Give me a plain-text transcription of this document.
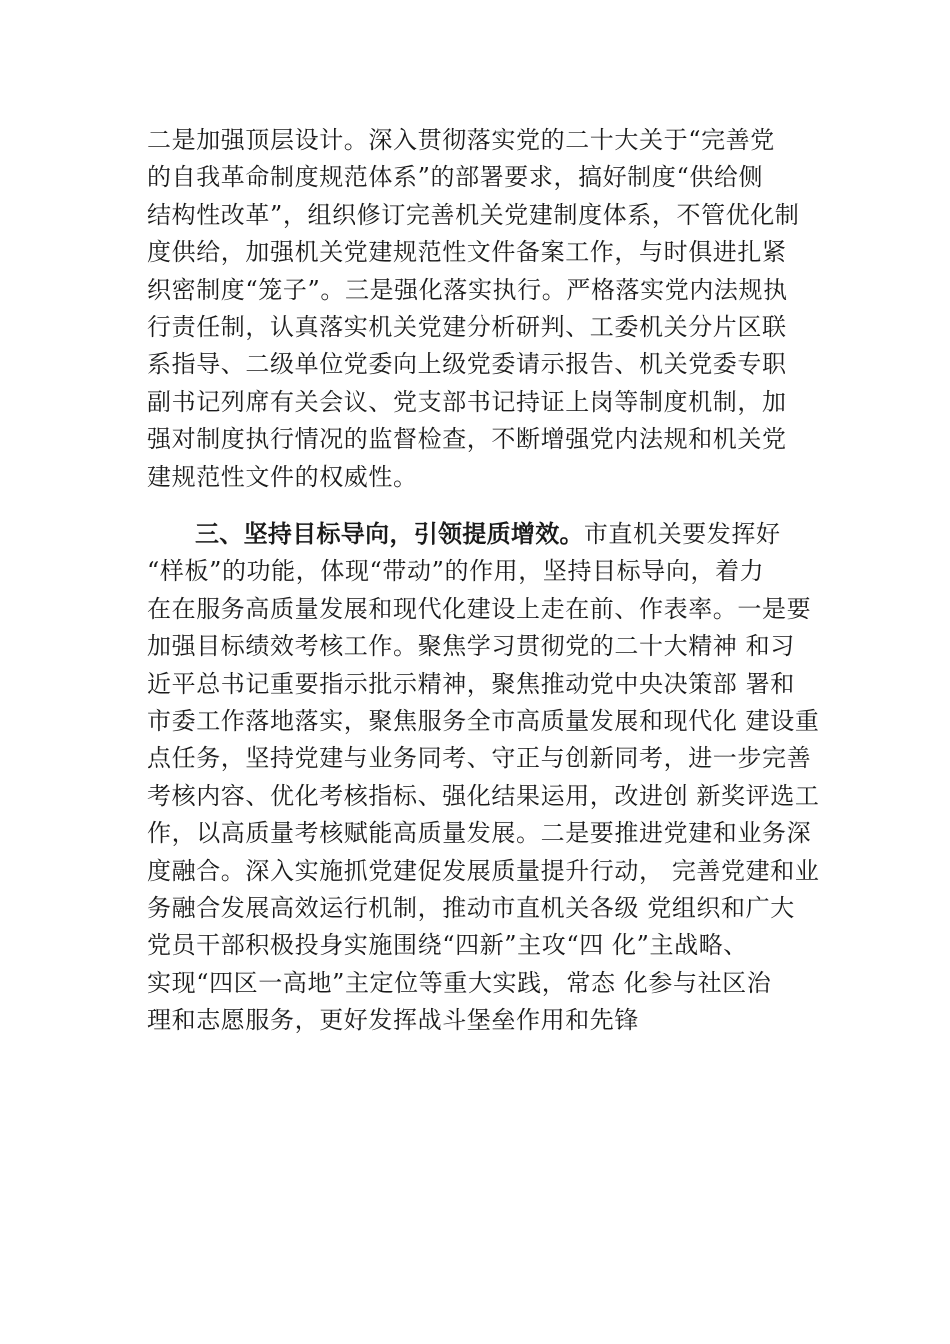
二是加强顶层设计。深入贯彻落实党的二十大关于“完善党
的自我革命制度规范体系”的部署要求，搞好制度“供给侧
结构性改革”，组织修订完善机关党建制度体系，不管优化制
度供给，加强机关党建规范性文件备案工作，与时俱进扎紧
织密制度“笼子”。三是强化落实执行。严格落实党内法规执
行责任制，认真落实机关党建分析研判、工委机关分片区联
系指导、二级单位党委向上级党委请示报告、机关党委专职
副书记列席有关会议、党支部书记持证上岗等制度机制，加
强对制度执行情况的监督检查，不断增强党内法规和机关党
建规范性文件的权威性。
三、坚持目标导向，引领提质增效。市直机关要发挥好
“样板”的功能，体现“带动”的作用，坚持目标导向，着力
在在服务高质量发展和现代化建设上走在前、作表率。一是要
加强目标绩效考核工作。聚焦学习贯彻党的二十大精神 和习
近平总书记重要指示批示精神，聚焦推动党中央决策部 署和
市委工作落地落实，聚焦服务全市高质量发展和现代化 建设重
点任务，坚持党建与业务同考、守正与创新同考，进一步完善
考核内容、优化考核指标、强化结果运用，改进创 新奖评选工
作，以高质量考核赋能高质量发展。二是要推进党建和业务深
度融合。深入实施抓党建促发展质量提升行动， 完善党建和业
务融合发展高效运行机制，推动市直机关各级 党组织和广大
党员干部积极投身实施围绕“四新”主攻“四 化”主战略、
实现“四区一高地”主定位等重大实践，常态 化参与社区治
理和志愿服务，更好发挥战斗堡垒作用和先锋
